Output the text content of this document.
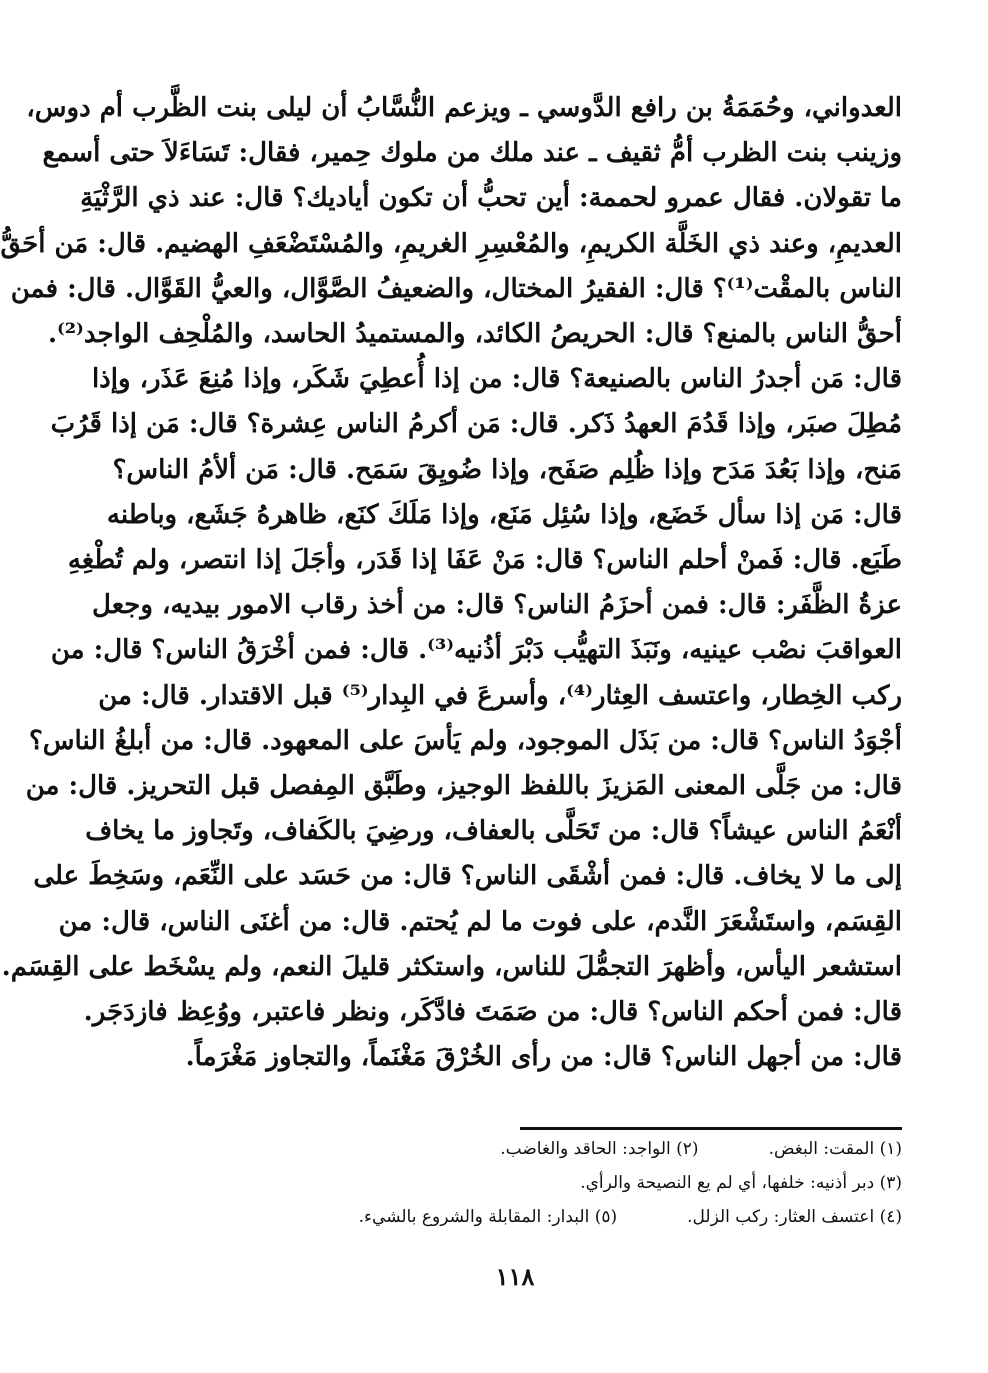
العدواني، وحُمَمَةُ بن رافع الدَّوسي ـ ويزعم النُّسَّابُ أن ليلى بنت الظَّرب أم دوس،
وزينب بنت الظرب أمُّ ثقيف ـ عند ملك من ملوك حِمير، فقال: تَسَاءَلاَ حتى أسمع
ما تقولان. فقال عمرو لحممة: أين تحبُّ أن تكون أياديك؟ قال: عند ذي الرَّثْيَةِ
العديمِ، وعند ذي الخَلَّة الكريمِ، والمُعْسِرِ الغريمِ، والمُسْتَضْعَفِ الهضيم. قال: مَن أحَقُّ
الناس بالمقْت⁽¹⁾؟ قال: الفقيرُ المختال، والضعيفُ الصَّوَّال، والعيُّ القَوَّال. قال: فمن
أحقُّ الناس بالمنع؟ قال: الحريصُ الكائد، والمستميدُ الحاسد، والمُلْحِف الواجد⁽²⁾.
قال: مَن أجدرُ الناس بالصنيعة؟ قال: من إذا أُعطِيَ شَكَر، وإذا مُنِعَ عَذَر، وإذا
مُطِلَ صبَر، وإذا قَدُمَ العهدُ ذَكر. قال: مَن أكرمُ الناس عِشرة؟ قال: مَن إذا قَرُبَ
مَنح، وإذا بَعُدَ مَدَح وإذا ظُلِم صَفَح، وإذا ضُويِقَ سَمَح. قال: مَن ألأمُ الناس؟
قال: مَن إذا سأل خَضَع، وإذا سُئِل مَنَع، وإذا مَلَكَ كنَع، ظاهرهُ جَشَع، وباطنه
طَبَع. قال: فَمنْ أحلم الناس؟ قال: مَنْ عَفَا إذا قَدَر، وأجَلَ إذا انتصر، ولم تُطْغِهِ
عزةُ الظَّفَر: قال: فمن أحزَمُ الناس؟ قال: من أخذ رقاب الامور بيديه، وجعل
العواقبَ نصْب عينيه، ونَبَذَ التهيُّب دَبْرَ أذُنيه⁽³⁾. قال: فمن أخْرَقُ الناس؟ قال: من
ركب الخِطار، واعتسف العِثار⁽⁴⁾، وأسرعَ في البِدار⁽⁵⁾ قبل الاقتدار. قال: من
أجْوَدُ الناس؟ قال: من بَذَل الموجود، ولم يَأسَ على المعهود. قال: من أبلغُ الناس؟
قال: من جَلَّى المعنى المَزيزَ باللفظ الوجيز، وطَبَّق المِفصل قبل التحريز. قال: من
أنْعَمُ الناس عيشاً؟ قال: من تَحَلَّى بالعفاف، ورضِيَ بالكَفاف، وتَجاوز ما يخاف
إلى ما لا يخاف. قال: فمن أشْقَى الناس؟ قال: من حَسَد على النِّعَم، وسَخِطَ على
القِسَم، واستَشْعَرَ النَّدم، على فوت ما لم يُحتم. قال: من أغنَى الناس، قال: من
استشعر اليأس، وأظهرَ التجمُّلَ للناس، واستكثر قليلَ النعم، ولم يسْخَط على القِسَم.
قال: فمن أحكم الناس؟ قال: من صَمَتَ فادَّكَر، ونظر فاعتبر، ووُعِظ فازدَجَر.
قال: من أجهل الناس؟ قال: من رأى الخُرْقَ مَغْنَماً، والتجاوز مَغْرَماً.
(١) المقت: البغض.(٢) الواجد: الحاقد والغاضب.
(٣) دبر أذنيه: خلفها، أي لم يع النصيحة والرأي.
(٤) اعتسف العثار: ركب الزلل.(٥) البدار: المقابلة والشروع بالشيء.
١١٨
